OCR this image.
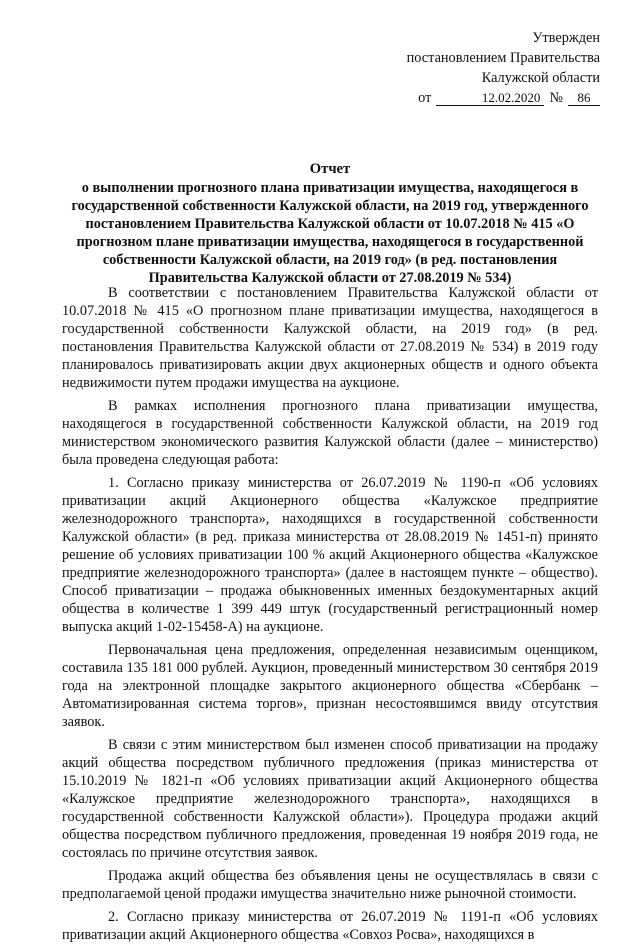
Утвержден
постановлением Правительства
Калужской области
от	12.02.2020 №	86
Отчет
о выполнении прогнозного плана приватизации имущества, находящегося в государственной собственности Калужской области, на 2019 год, утвержденного постановлением Правительства Калужской области от 10.07.2018 № 415 «О прогнозном плане приватизации имущества, находящегося в государственной собственности Калужской области, на 2019 год» (в ред. постановления Правительства Калужской области от 27.08.2019 № 534)

В соответствии с постановлением Правительства Калужской области от 10.07.2018 № 415 «О прогнозном плане приватизации имущества, находящегося в государственной собственности Калужской области, на 2019 год» (в ред. постановления Правительства Калужской области от 27.08.2019 № 534) в 2019 году планировалось приватизировать акции двух акционерных обществ и одного объекта недвижимости путем продажи имущества на аукционе.

В рамках исполнения прогнозного плана приватизации имущества, находящегося в государственной собственности Калужской области, на 2019 год министерством экономического развития Калужской области (далее – министерство) была проведена следующая работа:

1. Согласно приказу министерства от 26.07.2019 № 1190-п «Об условиях приватизации акций Акционерного общества «Калужское предприятие железнодорожного транспорта», находящихся в государственной собственности Калужской области» (в ред. приказа министерства от 28.08.2019 № 1451-п) принято решение об условиях приватизации 100 % акций Акционерного общества «Калужское предприятие железнодорожного транспорта» (далее в настоящем пункте – общество). Способ приватизации – продажа обыкновенных именных бездокументарных акций общества в количестве 1 399 449 штук (государственный регистрационный номер выпуска акций 1-02-15458-А) на аукционе.

Первоначальная цена предложения, определенная независимым оценщиком, составила 135 181 000 рублей. Аукцион, проведенный министерством 30 сентября 2019 года на электронной площадке закрытого акционерного общества «Сбербанк – Автоматизированная система торгов», признан несостоявшимся ввиду отсутствия заявок.

В связи с этим министерством был изменен способ приватизации на продажу акций общества посредством публичного предложения (приказ министерства от 15.10.2019 № 1821-п «Об условиях приватизации акций Акционерного общества «Калужское предприятие железнодорожного транспорта», находящихся в государственной собственности Калужской области»). Процедура продажи акций общества посредством публичного предложения, проведенная 19 ноября 2019 года, не состоялась по причине отсутствия заявок.

Продажа акций общества без объявления цены не осуществлялась в связи с предполагаемой ценой продажи имущества значительно ниже рыночной стоимости.

2. Согласно приказу министерства от 26.07.2019 № 1191-п «Об условиях приватизации акций Акционерного общества «Совхоз Росва», находящихся в
